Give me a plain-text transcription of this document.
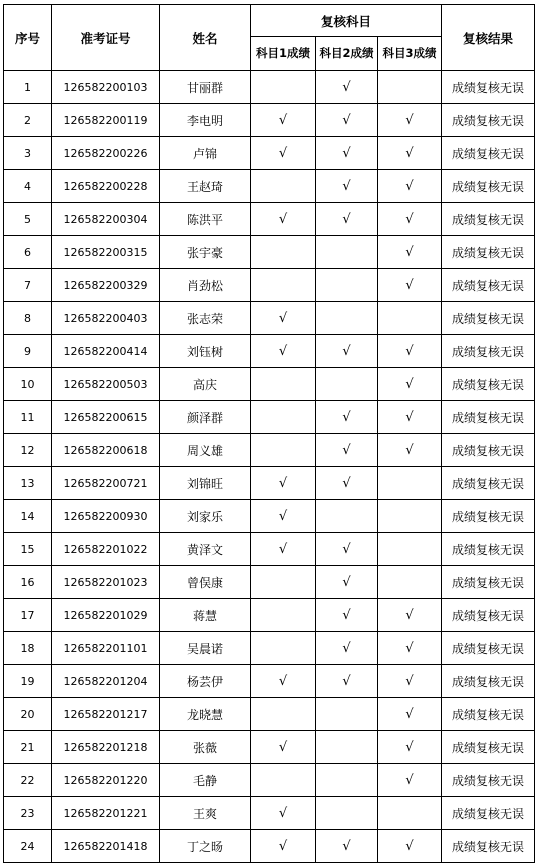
序号	准考证号	姓名	复核科目			复核结果
			科目1成绩	科目2成绩	科目3成绩	
1	126582200103	甘丽群		√		成绩复核无误
2	126582200119	李电明	√	√	√	成绩复核无误
3	126582200226	卢锦	√	√	√	成绩复核无误
4	126582200228	王赵琦		√	√	成绩复核无误
5	126582200304	陈洪平	√	√	√	成绩复核无误
6	126582200315	张宇豪			√	成绩复核无误
7	126582200329	肖劲松			√	成绩复核无误
8	126582200403	张志荣	√			成绩复核无误
9	126582200414	刘钰树	√	√	√	成绩复核无误
10	126582200503	高庆			√	成绩复核无误
11	126582200615	颜泽群		√	√	成绩复核无误
12	126582200618	周义雄		√	√	成绩复核无误
13	126582200721	刘锦旺	√	√		成绩复核无误
14	126582200930	刘家乐	√			成绩复核无误
15	126582201022	黄泽文	√	√		成绩复核无误
16	126582201023	曾俣康		√		成绩复核无误
17	126582201029	蒋慧		√	√	成绩复核无误
18	126582201101	吴晨诺		√	√	成绩复核无误
19	126582201204	杨芸伊	√	√	√	成绩复核无误
20	126582201217	龙晓慧			√	成绩复核无误
21	126582201218	张薇	√		√	成绩复核无误
22	126582201220	毛静			√	成绩复核无误
23	126582201221	王爽	√			成绩复核无误
24	126582201418	丁之旸	√	√	√	成绩复核无误
